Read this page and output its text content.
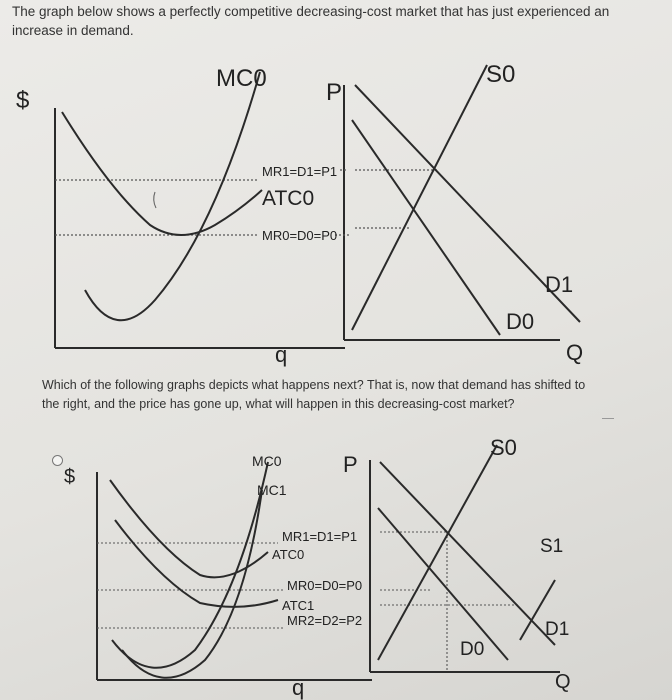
The graph below shows a perfectly competitive decreasing-cost market that has just experienced an
increase in demand.
$
MC0
P
S0
MR1=D1=P1
ATC0
MR0=D0=P0
D1
D0
q	Q
Which of the following graphs depicts what happens next? That is, now that demand has shifted to
the right, and the price has gone up, what will happen in this decreasing-cost market?
$
MC0
MC1
P
S0
S1
MR1=D1=P1
ATC0
MR0=D0=P0
ATC1
MR2=D2=P2	D1
D0
q	Q
